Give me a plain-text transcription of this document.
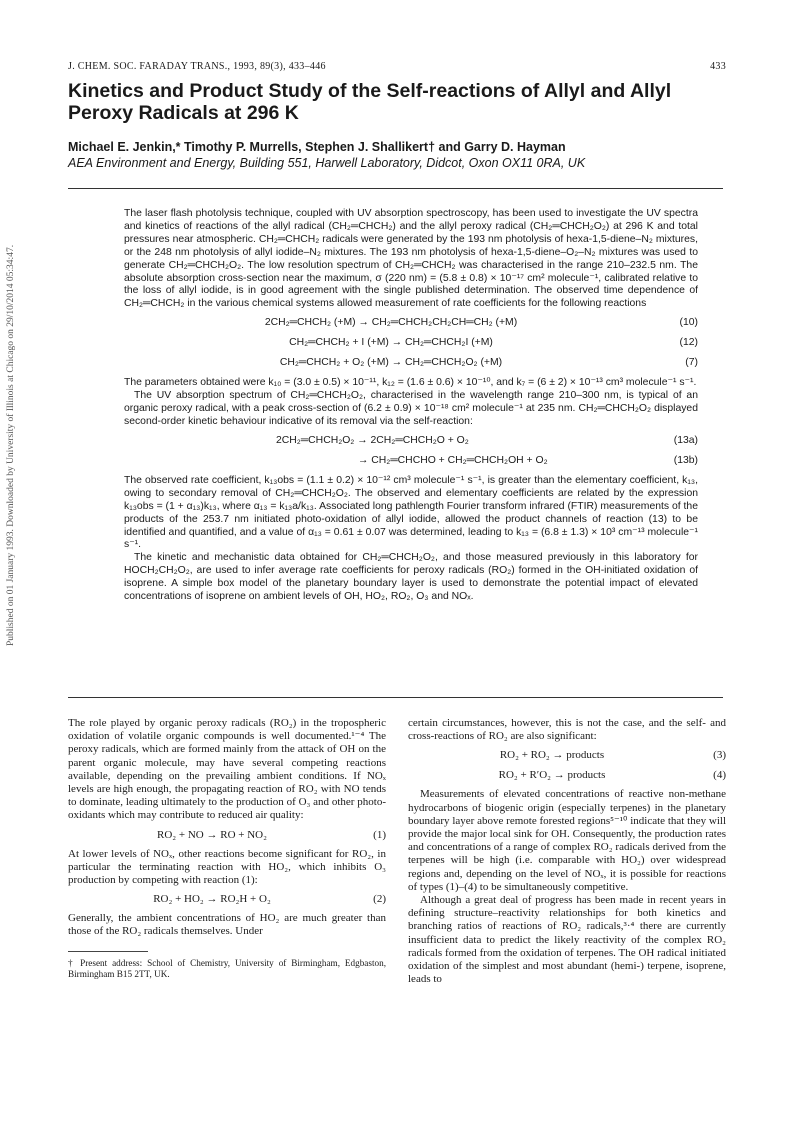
Published on 01 January 1993. Downloaded by University of Illinois at Chicago on 29/10/2014 05:34:47.
J. CHEM. SOC. FARADAY TRANS., 1993, 89(3), 433–446	433
Kinetics and Product Study of the Self-reactions of Allyl and Allyl Peroxy Radicals at 296 K
Michael E. Jenkin,* Timothy P. Murrells, Stephen J. Shallikert† and Garry D. Hayman
AEA Environment and Energy, Building 551, Harwell Laboratory, Didcot, Oxon OX11 0RA, UK

The laser flash photolysis technique, coupled with UV absorption spectroscopy, has been used to investigate the UV spectra and kinetics of reactions of the allyl radical (CH₂═CHCH₂) and the allyl peroxy radical (CH₂═CHCH₂O₂) at 296 K and total pressures near atmospheric. CH₂═CHCH₂ radicals were generated by the 193 nm photolysis of hexa-1,5-diene–N₂ mixtures, or the 248 nm photolysis of allyl iodide–N₂ mixtures. The 193 nm photolysis of hexa-1,5-diene–O₂–N₂ mixtures was used to generate CH₂═CHCH₂O₂. The low resolution spectrum of CH₂═CHCH₂ was characterised in the range 210–232.5 nm. The absolute absorption cross-section near the maximum, σ (220 nm) = (5.8 ± 0.8) × 10⁻¹⁷ cm² molecule⁻¹, calibrated relative to the loss of allyl iodide, is in good agreement with the single published determination. The observed time dependence of CH₂═CHCH₂ in the various chemical systems allowed measurement of rate coefficients for the following reactions

2CH₂═CHCH₂ (+M) → CH₂═CHCH₂CH₂CH═CH₂ (+M)	(10)
CH₂═CHCH₂ + I (+M) → CH₂═CHCH₂I (+M)	(12)
CH₂═CHCH₂ + O₂ (+M) → CH₂═CHCH₂O₂ (+M)	(7)

The parameters obtained were k₁₀ = (3.0 ± 0.5) × 10⁻¹¹, k₁₂ = (1.6 ± 0.6) × 10⁻¹⁰, and k₇ = (6 ± 2) × 10⁻¹³ cm³ molecule⁻¹ s⁻¹.

The UV absorption spectrum of CH₂═CHCH₂O₂, characterised in the wavelength range 210–300 nm, is typical of an organic peroxy radical, with a peak cross-section of (6.2 ± 0.9) × 10⁻¹⁸ cm² molecule⁻¹ at 235 nm. CH₂═CHCH₂O₂ displayed second-order kinetic behaviour indicative of its removal via the self-reaction:

2CH₂═CHCH₂O₂ → 2CH₂═CHCH₂O + O₂	(13a)
→ CH₂═CHCHO + CH₂═CHCH₂OH + O₂	(13b)

The observed rate coefficient, k₁₃obs = (1.1 ± 0.2) × 10⁻¹² cm³ molecule⁻¹ s⁻¹, is greater than the elementary coefficient, k₁₃, owing to secondary removal of CH₂═CHCH₂O₂. The observed and elementary coefficients are related by the expression k₁₃obs = (1 + α₁₃)k₁₃, where α₁₃ = k₁₃a/k₁₃. Associated long pathlength Fourier transform infrared (FTIR) measurements of the products of the 253.7 nm initiated photo-oxidation of allyl iodide, allowed the product channels of reaction (13) to be identified and quantified, and a value of α₁₃ = 0.61 ± 0.07 was determined, leading to k₁₃ = (6.8 ± 1.3) × 10³ cm⁻¹³ molecule⁻¹ s⁻¹.

The kinetic and mechanistic data obtained for CH₂═CHCH₂O₂, and those measured previously in this laboratory for HOCH₂CH₂O₂, are used to infer average rate coefficients for peroxy radicals (RO₂) formed in the OH-initiated oxidation of isoprene. A simple box model of the planetary boundary layer is used to demonstrate the potential impact of elevated concentrations of isoprene on ambient levels of OH, HO₂, RO₂, O₃ and NOₓ.

The role played by organic peroxy radicals (RO₂) in the tropospheric oxidation of volatile organic compounds is well documented.¹⁻⁴ The peroxy radicals, which are formed mainly from the attack of OH on the parent organic molecule, may have several competing reactions available, depending on the prevailing ambient conditions. If NOₓ levels are high enough, the propagating reaction of RO₂ with NO tends to dominate, leading ultimately to the production of O₃ and other photo-oxidants which may contribute to reduced air quality:

RO₂ + NO → RO + NO₂	(1)

At lower levels of NOₓ, other reactions become significant for RO₂, in particular the terminating reaction with HO₂, which inhibits O₃ production by competing with reaction (1):

RO₂ + HO₂ → RO₂H + O₂	(2)

Generally, the ambient concentrations of HO₂ are much greater than those of the RO₂ radicals themselves. Under

† Present address: School of Chemistry, University of Birmingham, Edgbaston, Birmingham B15 2TT, UK.

certain circumstances, however, this is not the case, and the self- and cross-reactions of RO₂ are also significant:

RO₂ + RO₂ → products	(3)
RO₂ + R′O₂ → products	(4)

Measurements of elevated concentrations of reactive non-methane hydrocarbons of biogenic origin (especially terpenes) in the planetary boundary layer above remote forested regions⁵⁻¹⁰ indicate that they will provide the major local sink for OH. Consequently, the production rates and concentrations of a range of complex RO₂ radicals derived from the terpenes will be high (i.e. comparable with HO₂) over widespread regions and, depending on the level of NOₓ, it is possible for reactions of types (1)–(4) to be simultaneously competitive.

Although a great deal of progress has been made in recent years in defining structure–reactivity relationships for both kinetics and branching ratios of reactions of RO₂ radicals,³·⁴ there are currently insufficient data to predict the likely reactivity of the complex RO₂ radicals formed from the oxidation of terpenes. The OH radical initiated oxidation of the simplest and most abundant (hemi-) terpene, isoprene, leads to
